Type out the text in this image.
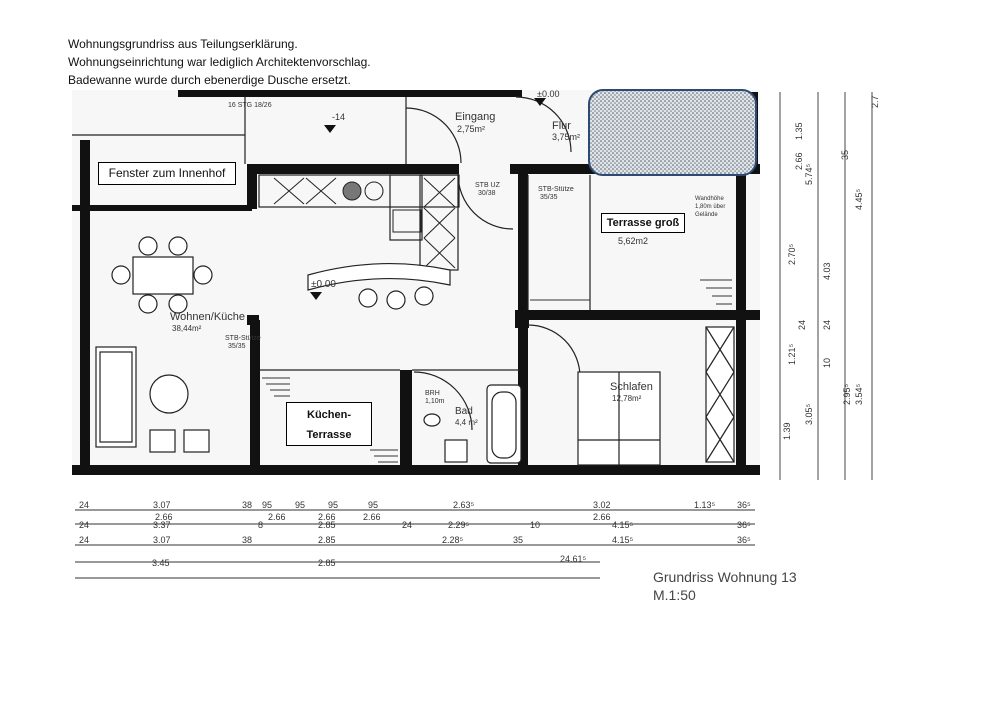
Wohnungsgrundriss aus Teilungserklärung.
Wohnungseinrichtung war lediglich Architektenvorschlag.
Badewanne wurde durch ebenerdige Dusche ersetzt.
16 STG 18/26
-14
±0.00
Eingang
2,75m²	Flur
3,75m²
STB UZ
30/38
STB-Stütze
35/35	Wandhöhe
1,80m über
Gelände
5,62m2
±0.00
Wohnen/Küche
38,44m²
STB-Stütze
35/35
Schlafen
12,78m²
BRH
1,10m
Bad
4,4 m²
24	3.07	38 95	95	95	95	2.63⁵	3.02	1.13⁵ 36⁵
2.66	2.66	2.66	2.66	2.66
24	3.37	8	2.85	24	2.29⁵	10	4.15⁵	36⁵
24	3.07	38	2.85	2.28⁵	35	4.15⁵	36⁵
3.45	2.85	24.61⁵
1.35
2.66
5.74⁵
2.70⁵
1.21⁵
3.05⁵
1.39
24
35
4.03
2.95⁵
4.45⁵
3.54⁵
2.7
10
24
Fenster zum Innenhof
Terrasse groß
Küchen-
Terrasse
Grundriss Wohnung 13
M.1:50
